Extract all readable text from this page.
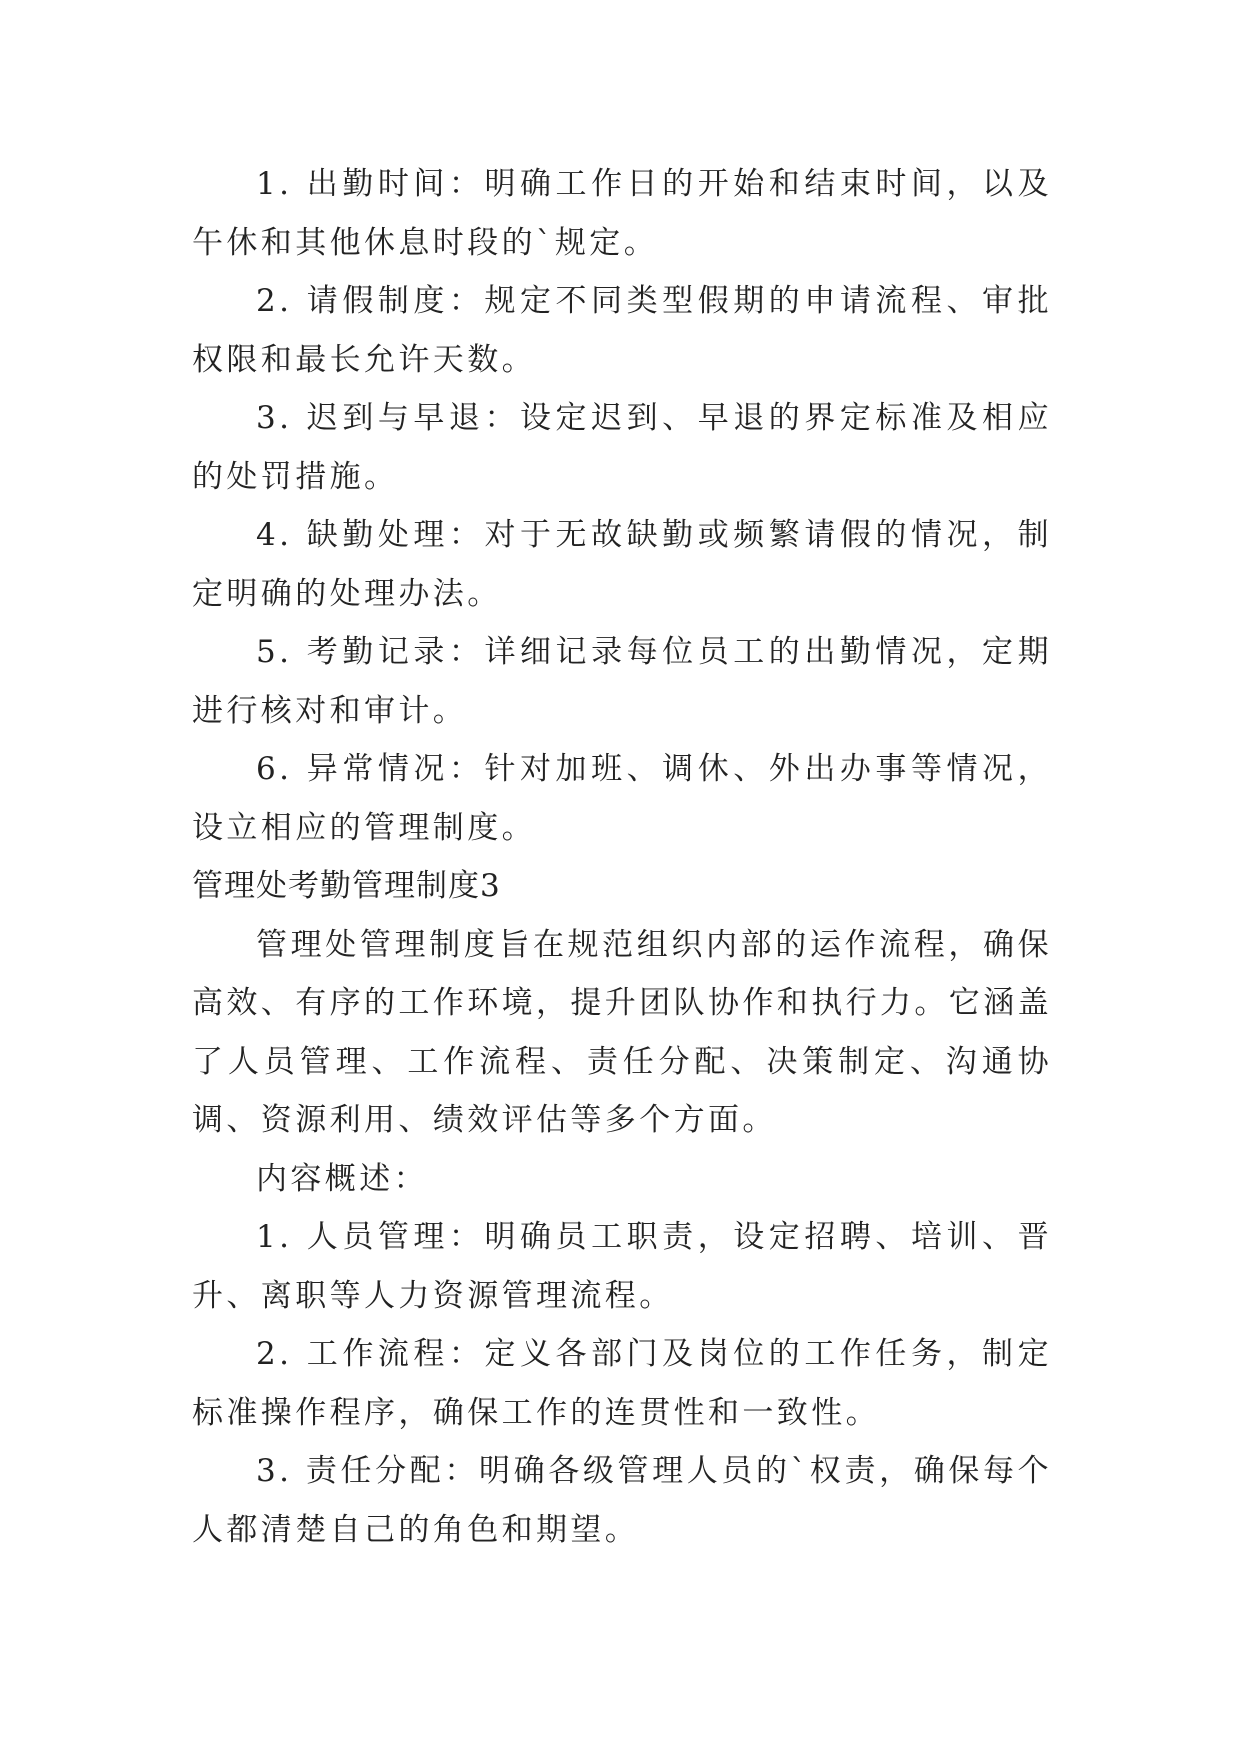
1. 出勤时间：明确工作日的开始和结束时间，以及午休和其他休息时段的`规定。

2. 请假制度：规定不同类型假期的申请流程、审批权限和最长允许天数。

3. 迟到与早退：设定迟到、早退的界定标准及相应的处罚措施。

4. 缺勤处理：对于无故缺勤或频繁请假的情况，制定明确的处理办法。

5. 考勤记录：详细记录每位员工的出勤情况，定期进行核对和审计。

6. 异常情况：针对加班、调休、外出办事等情况，设立相应的管理制度。

管理处考勤管理制度3

管理处管理制度旨在规范组织内部的运作流程，确保高效、有序的工作环境，提升团队协作和执行力。它涵盖了人员管理、工作流程、责任分配、决策制定、沟通协调、资源利用、绩效评估等多个方面。

内容概述：

1. 人员管理：明确员工职责，设定招聘、培训、晋升、离职等人力资源管理流程。

2. 工作流程：定义各部门及岗位的工作任务，制定标准操作程序，确保工作的连贯性和一致性。

3. 责任分配：明确各级管理人员的`权责，确保每个人都清楚自己的角色和期望。
